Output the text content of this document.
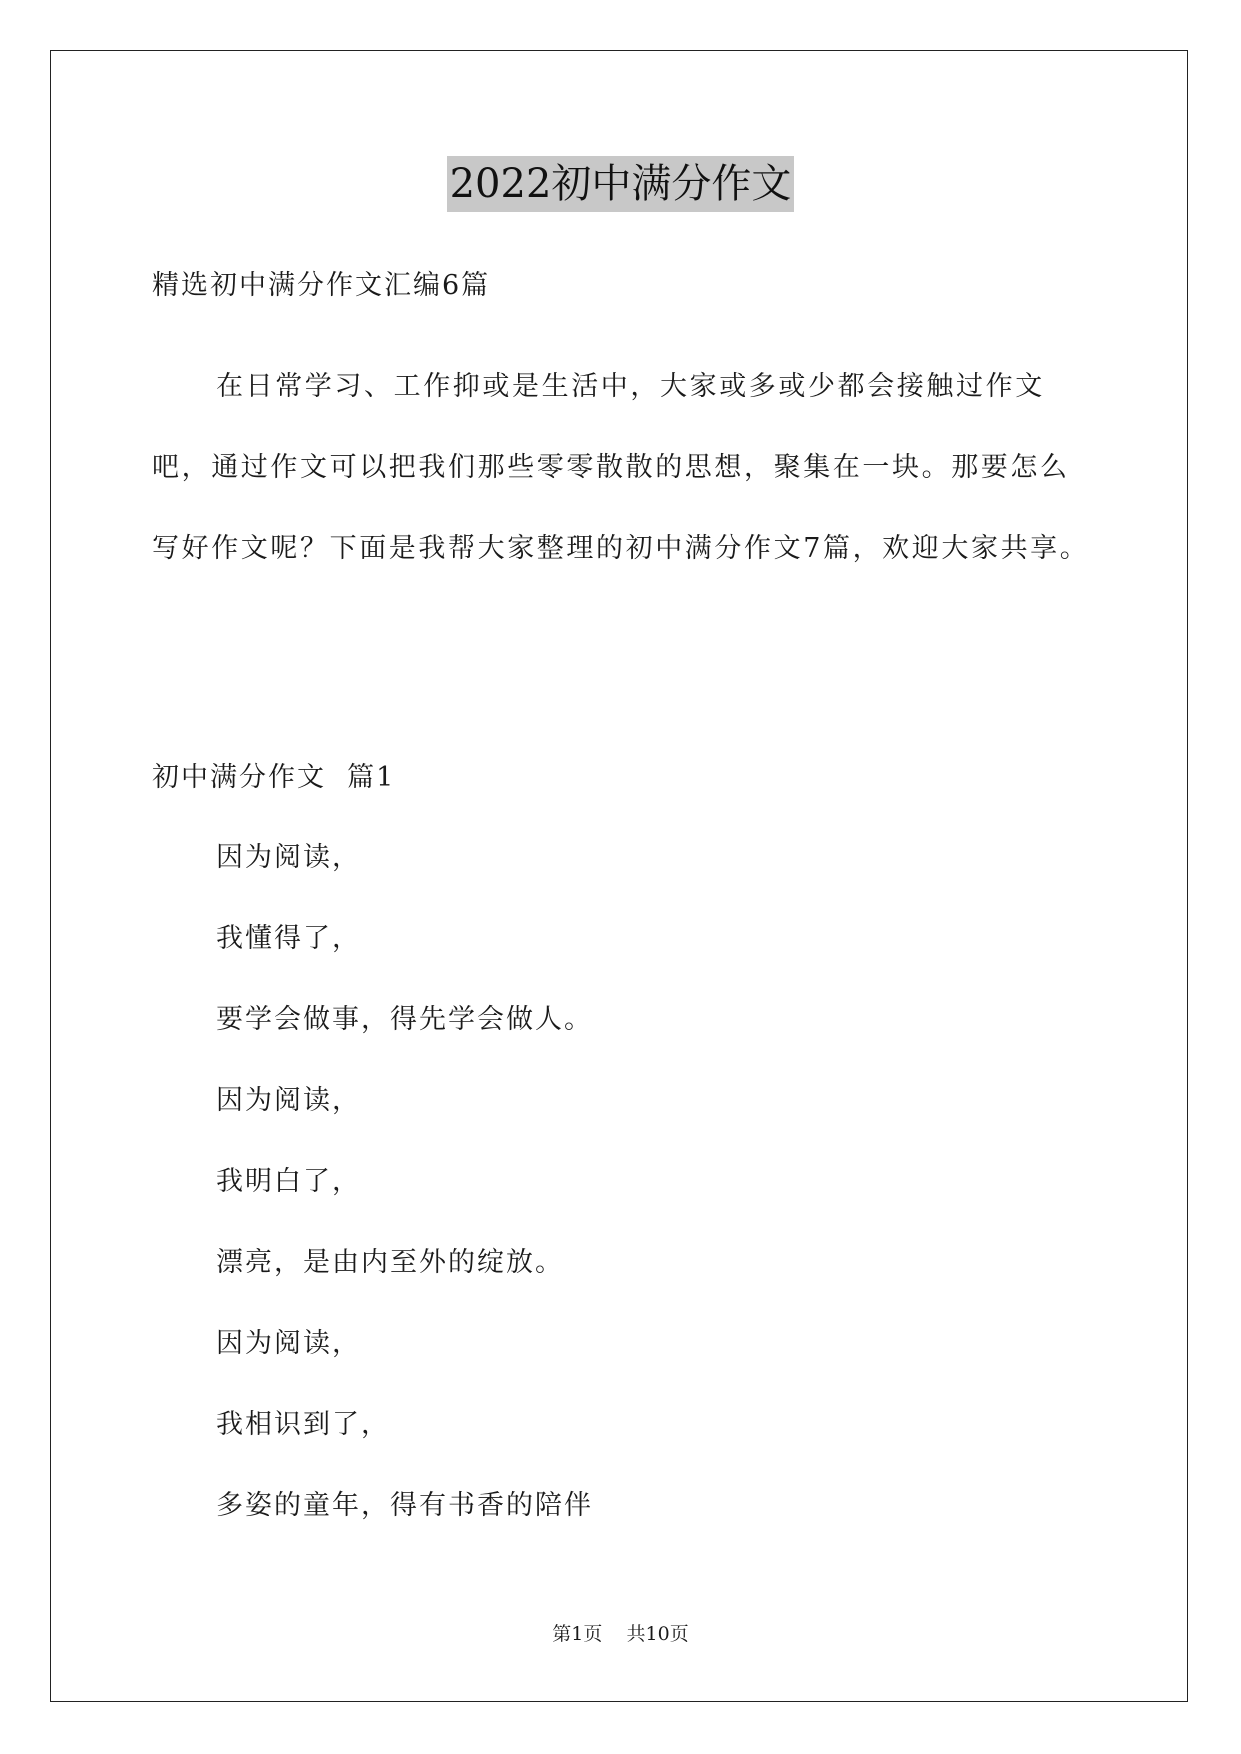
2022初中满分作文
精选初中满分作文汇编6篇

在日常学习、工作抑或是生活中，大家或多或少都会接触过作文吧，通过作文可以把我们那些零零散散的思想，聚集在一块。那要怎么写好作文呢？下面是我帮大家整理的初中满分作文7篇，欢迎大家共享。

初中满分作文  篇1
因为阅读，
我懂得了，
要学会做事，得先学会做人。
因为阅读，
我明白了，
漂亮，是由内至外的绽放。
因为阅读，
我相识到了，
多姿的童年，得有书香的陪伴
第1页    共10页
